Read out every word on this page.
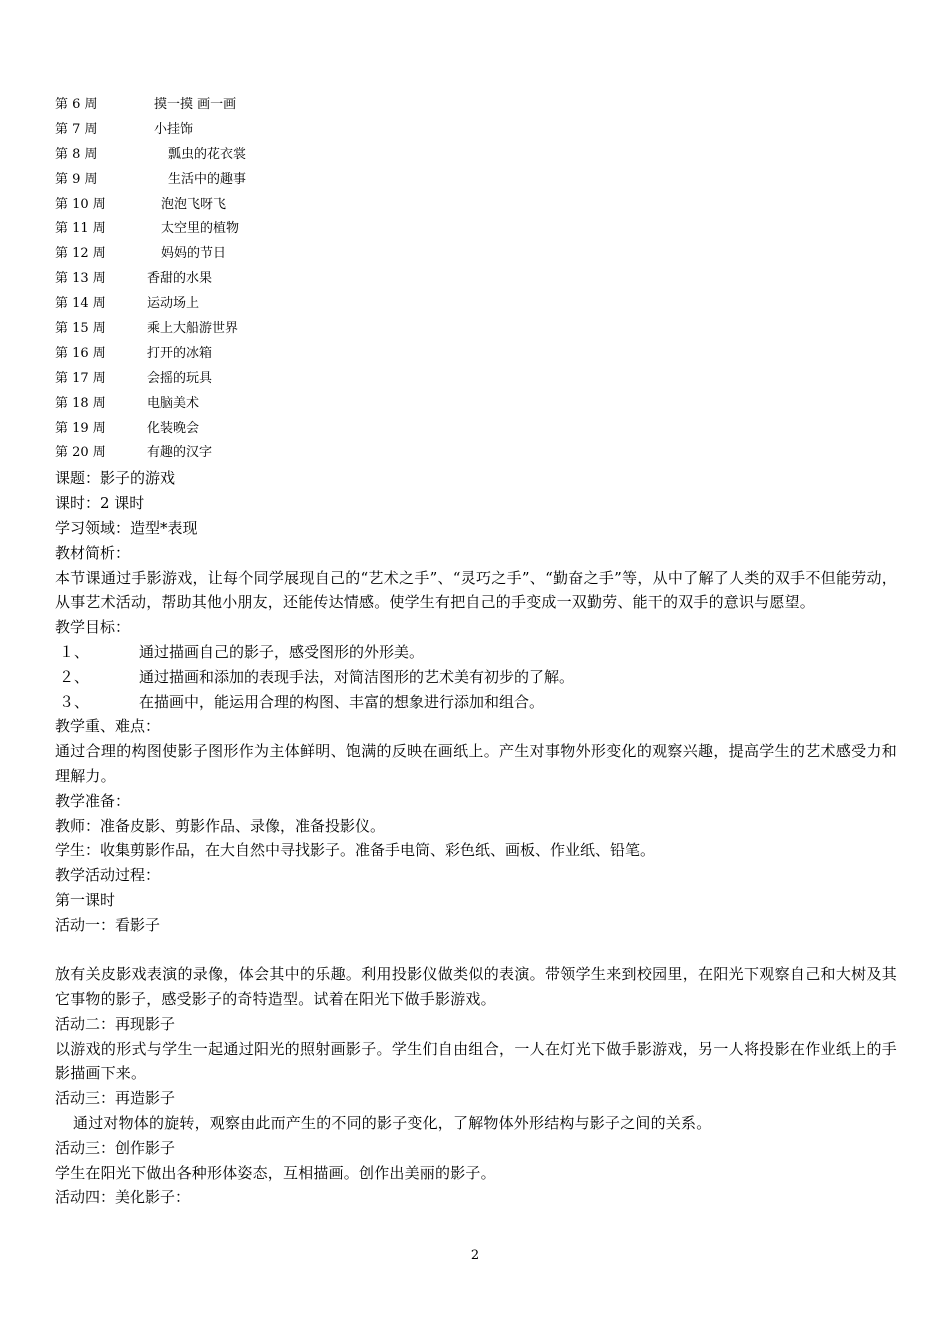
第 6 周	摸一摸 画一画
第 7 周	小挂饰
第 8 周	瓢虫的花衣裳
第 9 周	生活中的趣事
第 10 周	泡泡飞呀飞
第 11 周	太空里的植物
第 12 周	妈妈的节日
第 13 周	香甜的水果
第 14 周	运动场上
第 15 周	乘上大船游世界
第 16 周	打开的冰箱
第 17 周	会摇的玩具
第 18 周	电脑美术
第 19 周	化装晚会
第 20 周	有趣的汉字
课题：影子的游戏
课时：2 课时
学习领域：造型*表现
教材简析：
本节课通过手影游戏，让每个同学展现自己的“艺术之手”、“灵巧之手”、“勤奋之手”等，从中了解了人类的双手不但能劳动，从事艺术活动，帮助其他小朋友，还能传达情感。使学生有把自己的手变成一双勤劳、能干的双手的意识与愿望。
教学目标：
１、	通过描画自己的影子，感受图形的外形美。
２、	通过描画和添加的表现手法，对简洁图形的艺术美有初步的了解。
３、	在描画中，能运用合理的构图、丰富的想象进行添加和组合。
教学重、难点：
通过合理的构图使影子图形作为主体鲜明、饱满的反映在画纸上。产生对事物外形变化的观察兴趣，提高学生的艺术感受力和理解力。
教学准备：
教师：准备皮影、剪影作品、录像，准备投影仪。
学生：收集剪影作品，在大自然中寻找影子。准备手电筒、彩色纸、画板、作业纸、铅笔。
教学活动过程：
第一课时
活动一：看影子
放有关皮影戏表演的录像，体会其中的乐趣。利用投影仪做类似的表演。带领学生来到校园里，在阳光下观察自己和大树及其它事物的影子，感受影子的奇特造型。试着在阳光下做手影游戏。
活动二：再现影子
以游戏的形式与学生一起通过阳光的照射画影子。学生们自由组合，一人在灯光下做手影游戏，另一人将投影在作业纸上的手影描画下来。
活动三：再造影子
通过对物体的旋转，观察由此而产生的不同的影子变化，了解物体外形结构与影子之间的关系。
活动三：创作影子
学生在阳光下做出各种形体姿态，互相描画。创作出美丽的影子。
活动四：美化影子：
2
